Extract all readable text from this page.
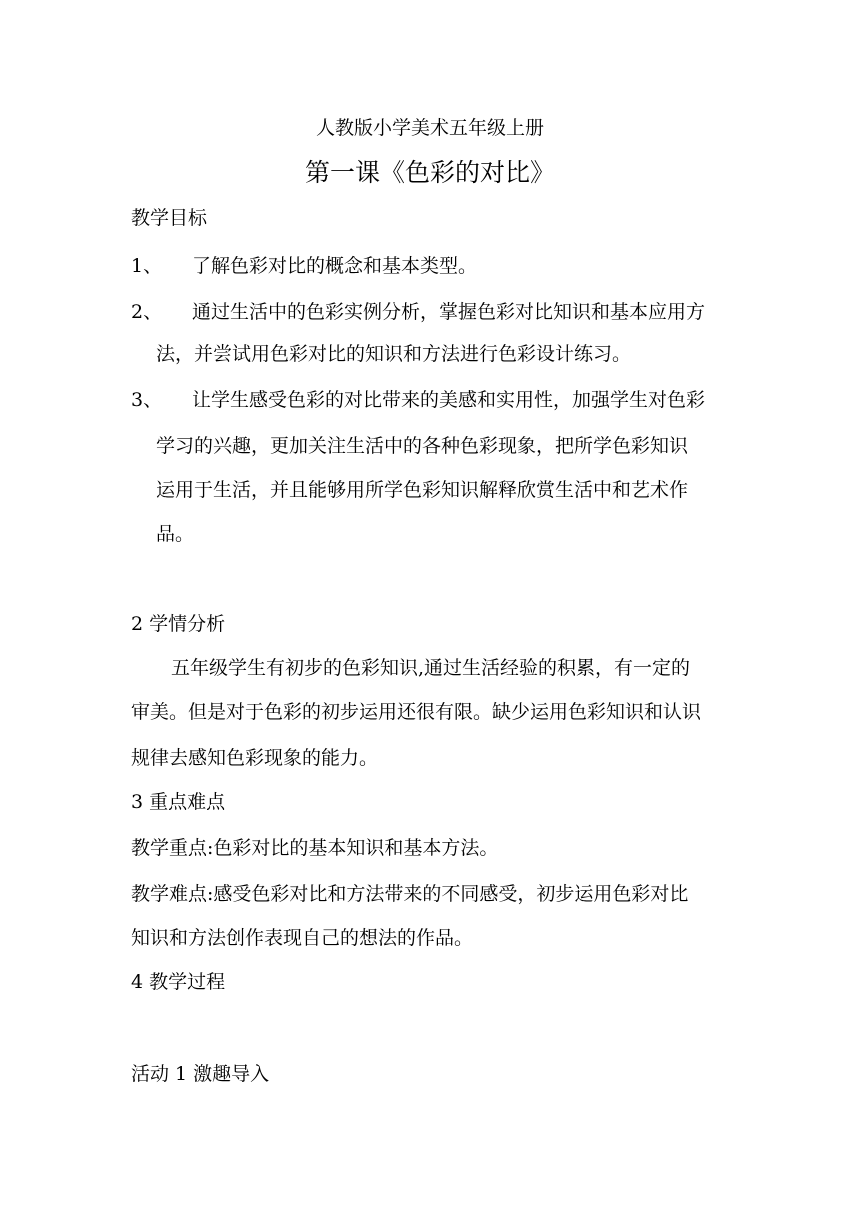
人教版小学美术五年级上册
第一课《色彩的对比》
教学目标
1、 了解色彩对比的概念和基本类型。
2、 通过生活中的色彩实例分析，掌握色彩对比知识和基本应用方
法，并尝试用色彩对比的知识和方法进行色彩设计练习。
3、 让学生感受色彩的对比带来的美感和实用性，加强学生对色彩
学习的兴趣，更加关注生活中的各种色彩现象，把所学色彩知识
运用于生活，并且能够用所学色彩知识解释欣赏生活中和艺术作
品。
2 学情分析
五年级学生有初步的色彩知识,通过生活经验的积累，有一定的
审美。但是对于色彩的初步运用还很有限。缺少运用色彩知识和认识
规律去感知色彩现象的能力。
3 重点难点
教学重点:色彩对比的基本知识和基本方法。
教学难点:感受色彩对比和方法带来的不同感受，初步运用色彩对比
知识和方法创作表现自己的想法的作品。
4 教学过程
活动 1 激趣导入
